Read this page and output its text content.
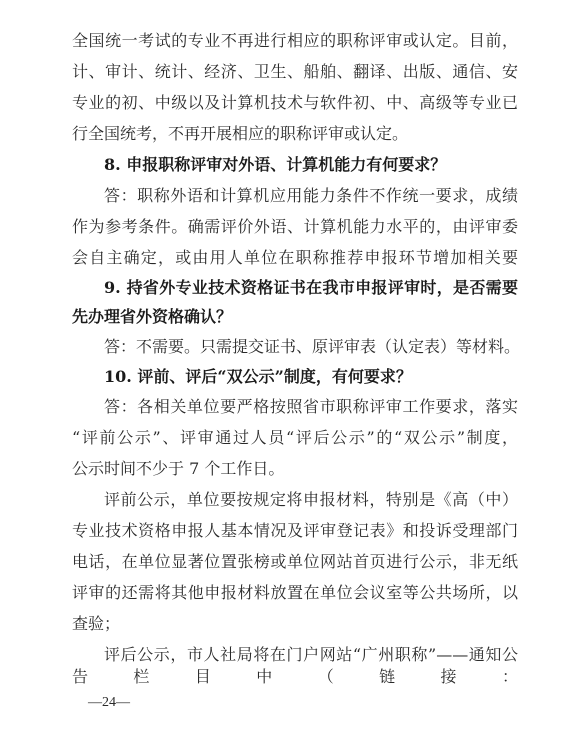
全国统一考试的专业不再进行相应的职称评审或认定。目前，
计、审计、统计、经济、卫生、船舶、翻译、出版、通信、安
专业的初、中级以及计算机技术与软件初、中、高级等专业已
行全国统考，不再开展相应的职称评审或认定。
8. 申报职称评审对外语、计算机能力有何要求？
答：职称外语和计算机应用能力条件不作统一要求，成绩
作为参考条件。确需评价外语、计算机能力水平的，由评审委
会自主确定，或由用人单位在职称推荐申报环节增加相关要
9. 持省外专业技术资格证书在我市申报评审时，是否需要
先办理省外资格确认？
答：不需要。只需提交证书、原评审表（认定表）等材料。
10. 评前、评后“双公示”制度，有何要求？
答：各相关单位要严格按照省市职称评审工作要求，落实
“评前公示”、评审通过人员“评后公示”的“双公示”制度，
公示时间不少于 7 个工作日。
评前公示，单位要按规定将申报材料，特别是《高（中）
专业技术资格申报人基本情况及评审登记表》和投诉受理部门
电话，在单位显著位置张榜或单位网站首页进行公示，非无纸
评审的还需将其他申报材料放置在单位会议室等公共场所，以
查验；
评后公示，市人社局将在门户网站“广州职称”——通知公
告	栏	目	中	（	链	接	：
—24—
